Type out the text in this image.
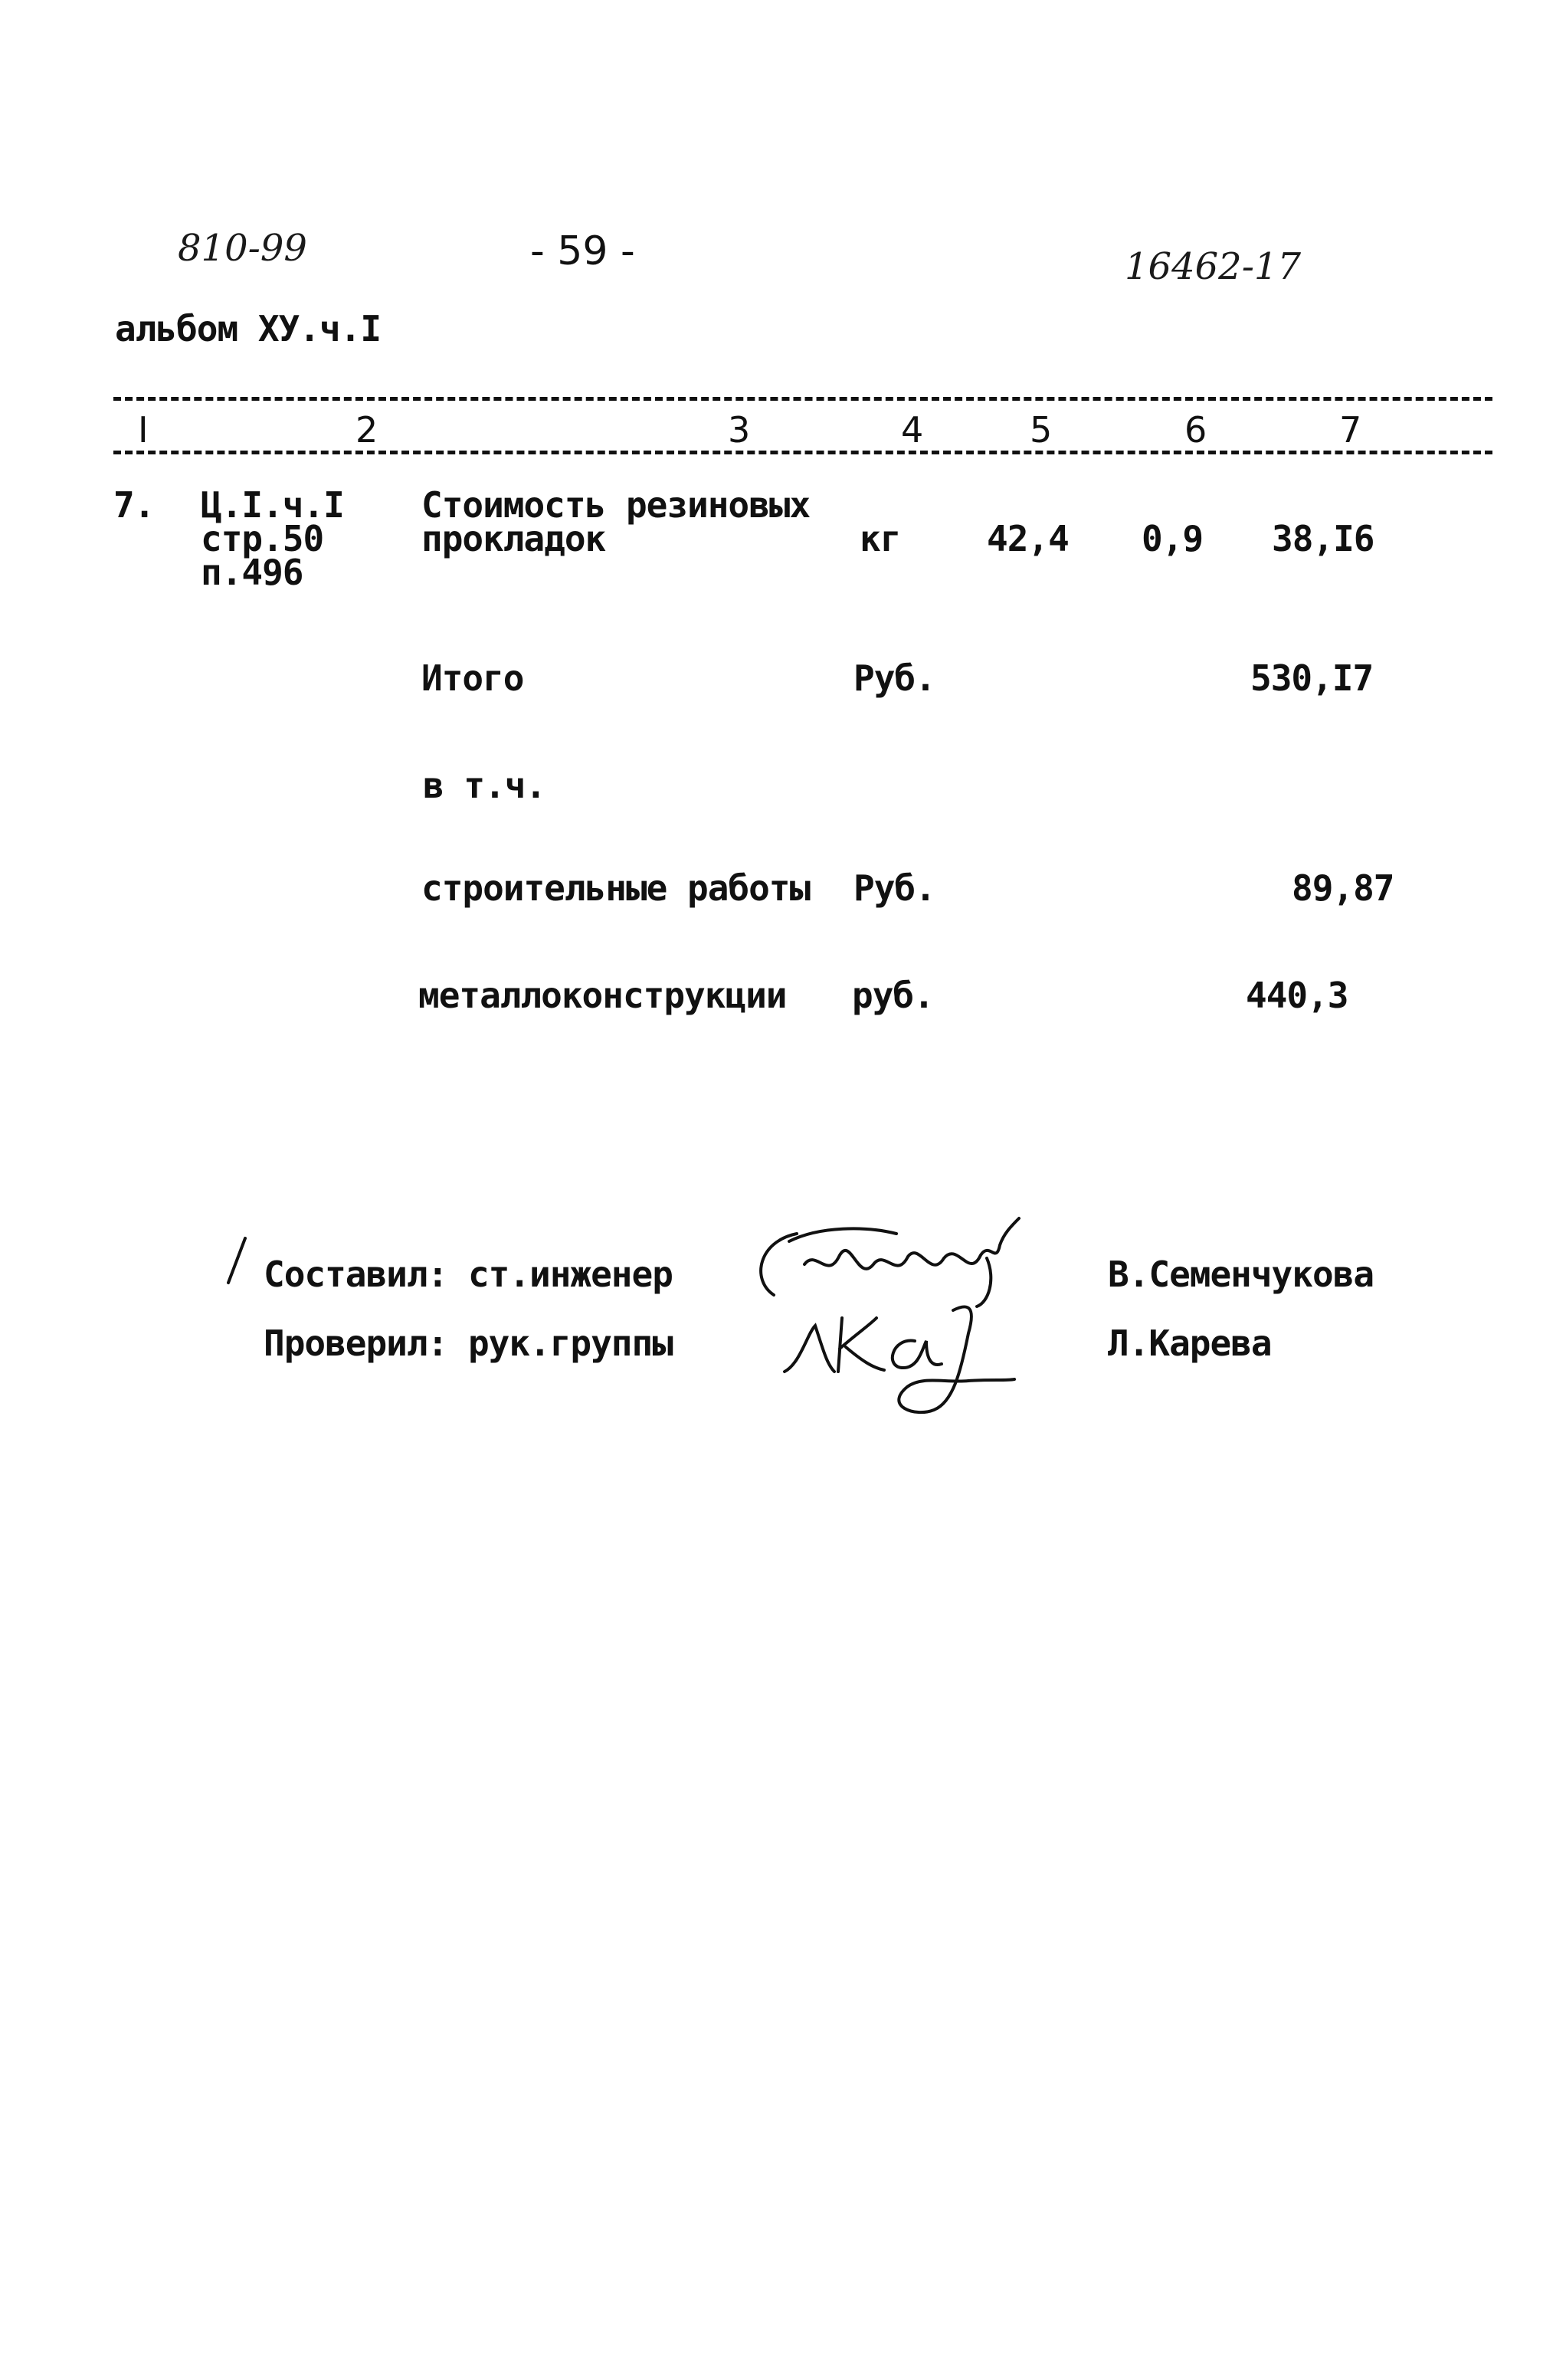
810-99	- 59 -	16462-17
альбом ХУ.ч.I
I	2	3	4	5	6	7
7. Ц.I.ч.I
стр.50
п.496
Стоимость резиновых
прокладок	кг 42,4 0,9 38,I6
Итого	Руб.	530,I7
в т.ч.
строительные работы Руб.	89,87
металлоконструкции руб.	440,3
Составил: ст.инженер
Проверил: рук.группы
В.Семенчукова
Л.Карева
